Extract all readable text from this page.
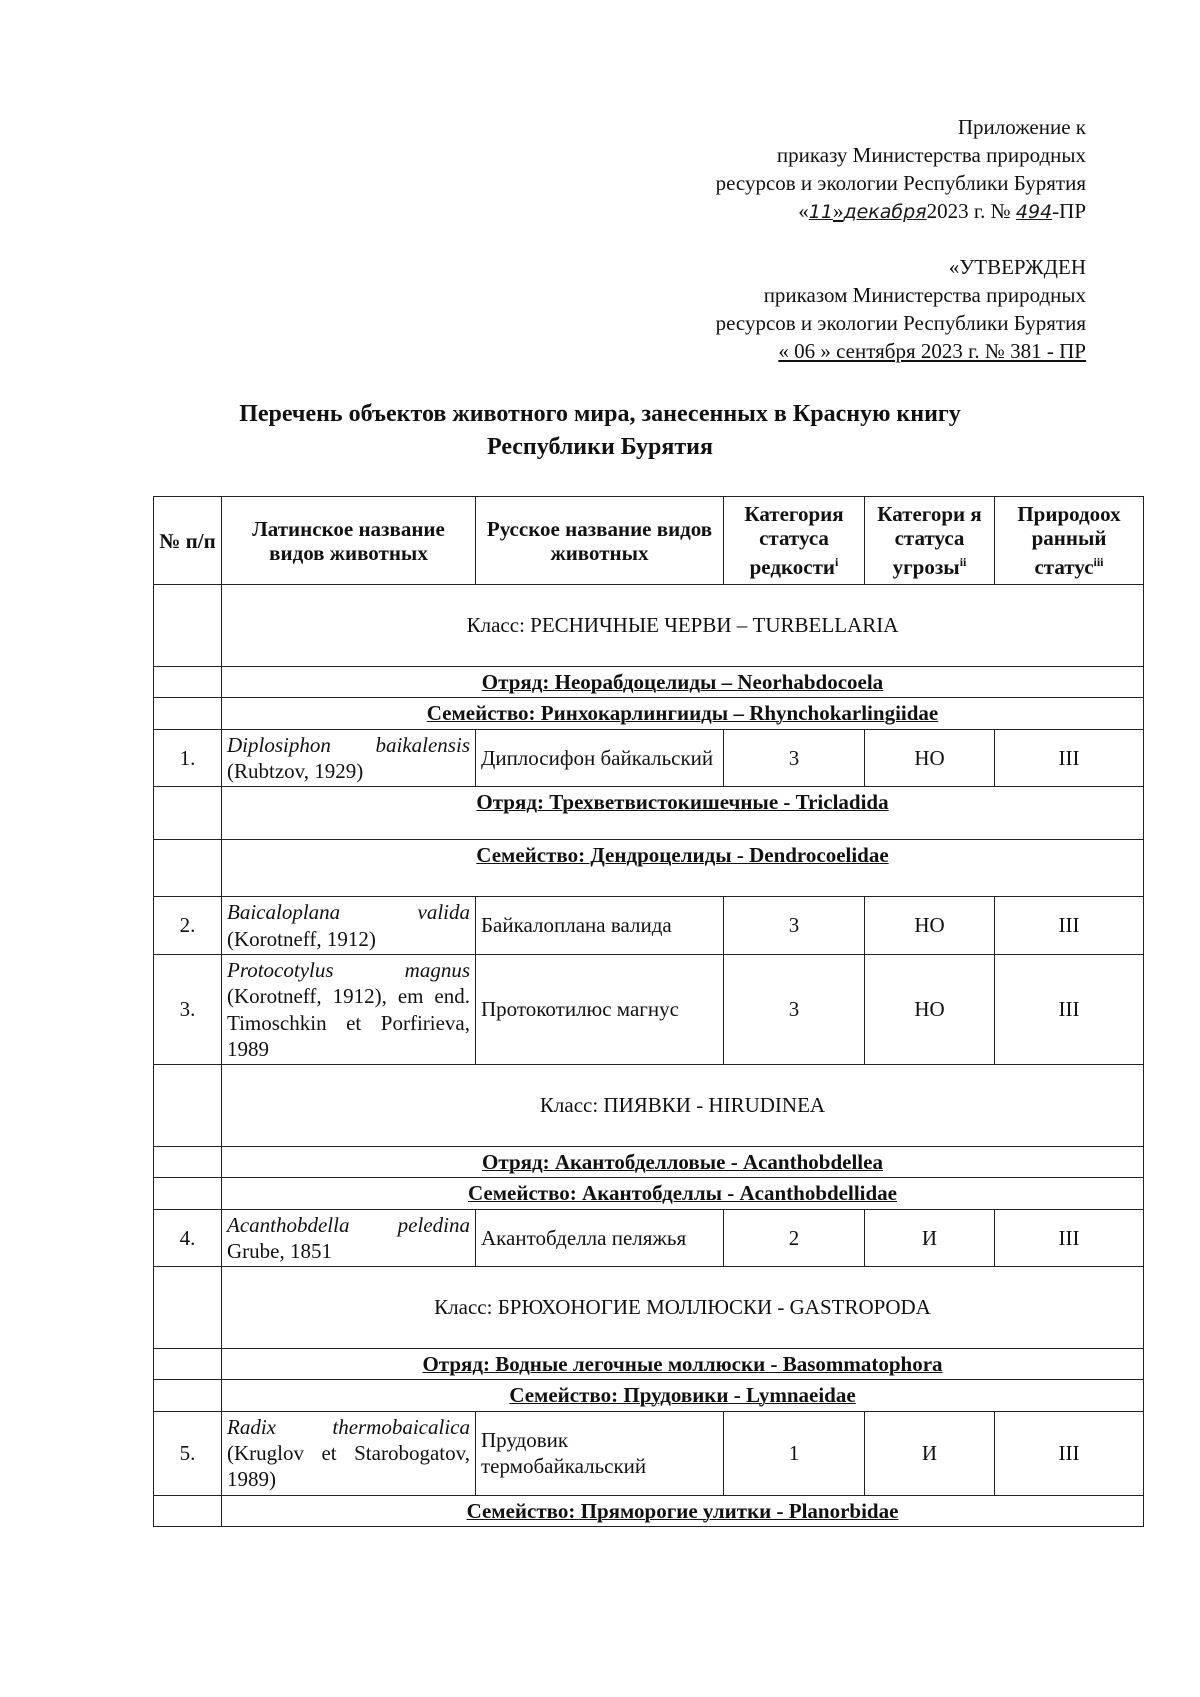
Приложение к
приказу Министерства природных
ресурсов и экологии Республики Бурятия
«11»декабря2023 г. № 494-ПР
«УТВЕРЖДЕН
приказом Министерства природных
ресурсов и экологии Республики Бурятия
« 06 » сентября 2023 г. № 381 - ПР
Перечень объектов животного мира, занесенных в Красную книгу
Республики Бурятия
№ п/п	Латинское название видов животных	Русское название видов животных	Категория статуса редкости$^i$	Категори я статуса угрозы$^{ii}$	Природоох ранный статус$^{iii}$
	Класс: РЕСНИЧНЫЕ ЧЕРВИ – TURBELLARIA				
	Отряд: Неорабдоцелиды – Neorhabdocoela				
	Семейство: Ринхокарлингииды – Rhynchokarlingiidae				
1.	Diplosiphon baikalensis (Rubtzov, 1929)	Диплосифон байкальский	3	НО	III
	Отряд: Трехветвистокишечные - Tricladida				
	Семейство: Дендроцелиды - Dendrocoelidae				
2.	Baicaloplana valida (Korotneff, 1912)	Байкалоплана валида	3	НО	III
3.	Protocotylus magnus (Korotneff, 1912), em end. Timoschkin et Porfirieva, 1989	Протокотилюс магнус	3	НО	III
	Класс: ПИЯВКИ - HIRUDINEA				
	Отряд: Акантобделловые - Acanthobdellea				
	Семейство: Акантобделлы - Acanthobdellidae				
4.	Acanthobdella peledina Grube, 1851	Акантобделла пеляжья	2	И	III
	Класс: БРЮХОНОГИЕ МОЛЛЮСКИ - GASTROPODA				
	Отряд: Водные легочные моллюски - Basommatophora				
	Семейство: Прудовики - Lymnaeidae				
5.	Radix thermobaicalica (Kruglov et Starobogatov, 1989)	Прудовик термобайкальский	1	И	III
	Семейство: Пряморогие улитки - Planorbidae				
